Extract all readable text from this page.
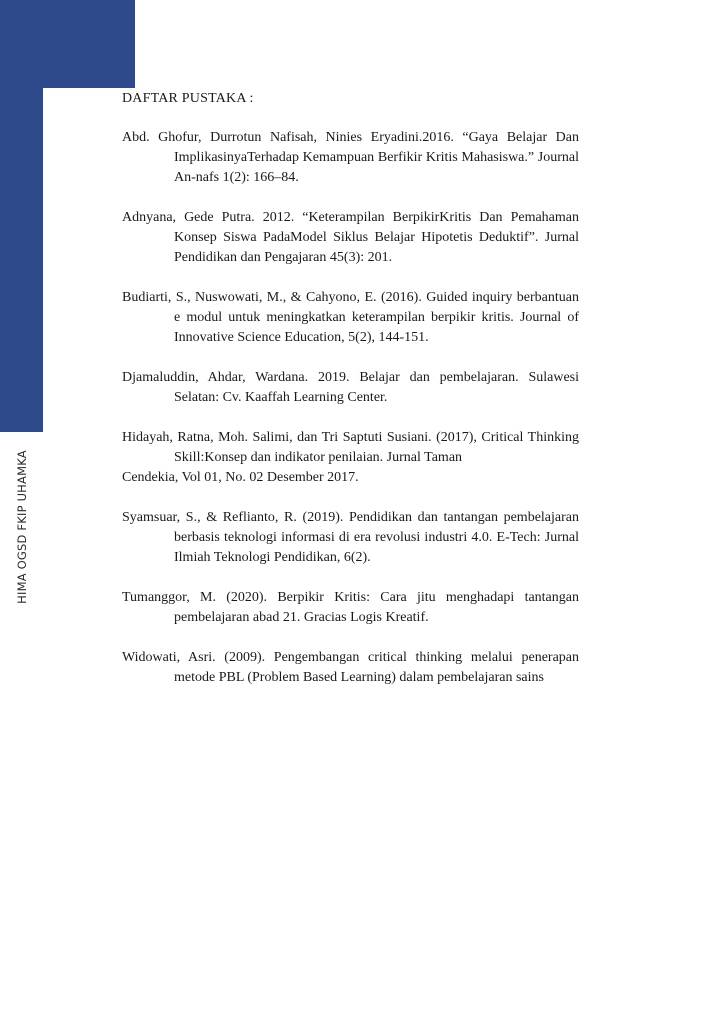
HIMA OGSD FKIP UHAMKA
DAFTAR PUSTAKA :

Abd. Ghofur, Durrotun Nafisah, Ninies Eryadini.2016. “Gaya Belajar Dan ImplikasinyaTerhadap Kemampuan Berfikir Kritis Mahasiswa.” Journal An-nafs 1(2): 166–84.

Adnyana, Gede Putra. 2012. “Keterampilan BerpikirKritis Dan Pemahaman Konsep Siswa PadaModel Siklus Belajar Hipotetis Deduktif”. Jurnal Pendidikan dan Pengajaran 45(3): 201.

Budiarti, S., Nuswowati, M., & Cahyono, E. (2016). Guided inquiry berbantuan e modul untuk meningkatkan keterampilan berpikir kritis. Journal of Innovative Science Education, 5(2), 144-151.

Djamaluddin, Ahdar, Wardana. 2019. Belajar dan pembelajaran. Sulawesi Selatan: Cv. Kaaffah Learning Center.

Hidayah, Ratna, Moh. Salimi, dan Tri Saptuti Susiani. (2017), Critical Thinking Skill:Konsep dan indikator penilaian. Jurnal Taman

Cendekia, Vol 01, No. 02 Desember 2017.

Syamsuar, S., & Reflianto, R. (2019). Pendidikan dan tantangan pembelajaran berbasis teknologi informasi di era revolusi industri 4.0. E-Tech: Jurnal Ilmiah Teknologi Pendidikan, 6(2).

Tumanggor, M. (2020). Berpikir Kritis: Cara jitu menghadapi tantangan pembelajaran abad 21. Gracias Logis Kreatif.

Widowati, Asri. (2009). Pengembangan critical thinking melalui penerapan metode PBL (Problem Based Learning) dalam pembelajaran sains
